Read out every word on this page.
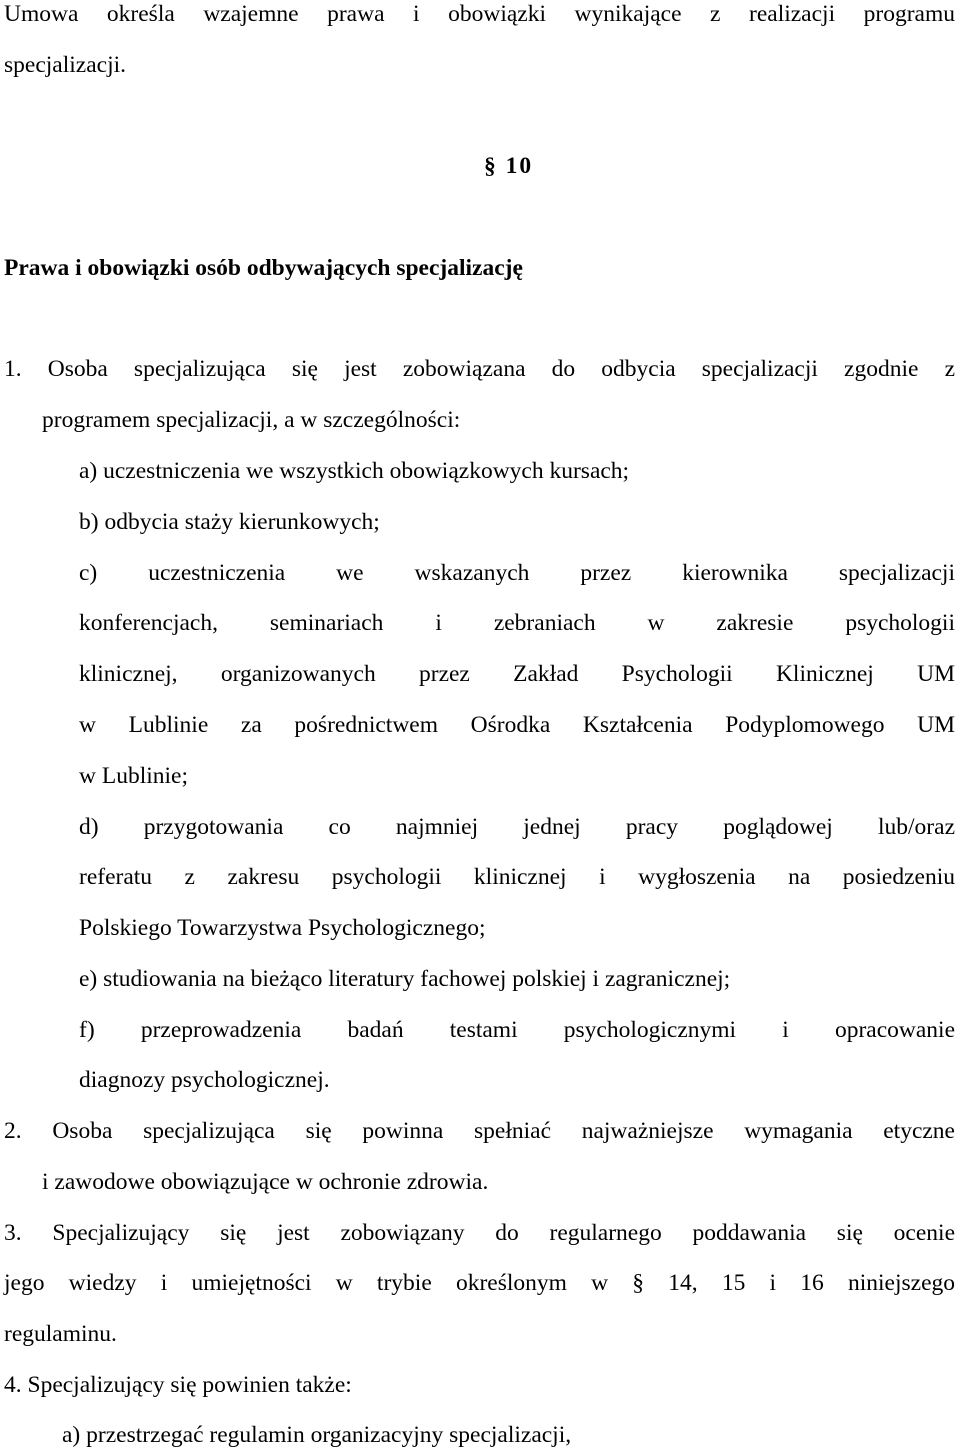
Umowa określa wzajemne prawa i obowiązki wynikające z realizacji programu
specjalizacji.
§ 10
Prawa i obowiązki osób odbywających specjalizację
1. Osoba specjalizująca się jest zobowiązana do odbycia specjalizacji zgodnie z
programem specjalizacji, a w szczególności:
a) uczestniczenia we wszystkich obowiązkowych kursach;
b) odbycia staży kierunkowych;
c) uczestniczenia we wskazanych przez kierownika specjalizacji
konferencjach, seminariach i zebraniach w zakresie psychologii
klinicznej, organizowanych przez Zakład Psychologii Klinicznej UM
w Lublinie za pośrednictwem Ośrodka Kształcenia Podyplomowego UM
w Lublinie;
d) przygotowania co najmniej jednej pracy poglądowej lub/oraz
referatu z zakresu psychologii klinicznej i wygłoszenia na posiedzeniu
Polskiego Towarzystwa Psychologicznego;
e) studiowania na bieżąco literatury fachowej polskiej i zagranicznej;
f) przeprowadzenia badań testami psychologicznymi i opracowanie
diagnozy psychologicznej.
2. Osoba specjalizująca się powinna spełniać najważniejsze wymagania etyczne
i zawodowe obowiązujące w ochronie zdrowia.
3. Specjalizujący się jest zobowiązany do regularnego poddawania się ocenie
jego wiedzy i umiejętności w trybie określonym w § 14, 15 i 16 niniejszego
regulaminu.
4. Specjalizujący się powinien także:
a) przestrzegać regulamin organizacyjny specjalizacji,
